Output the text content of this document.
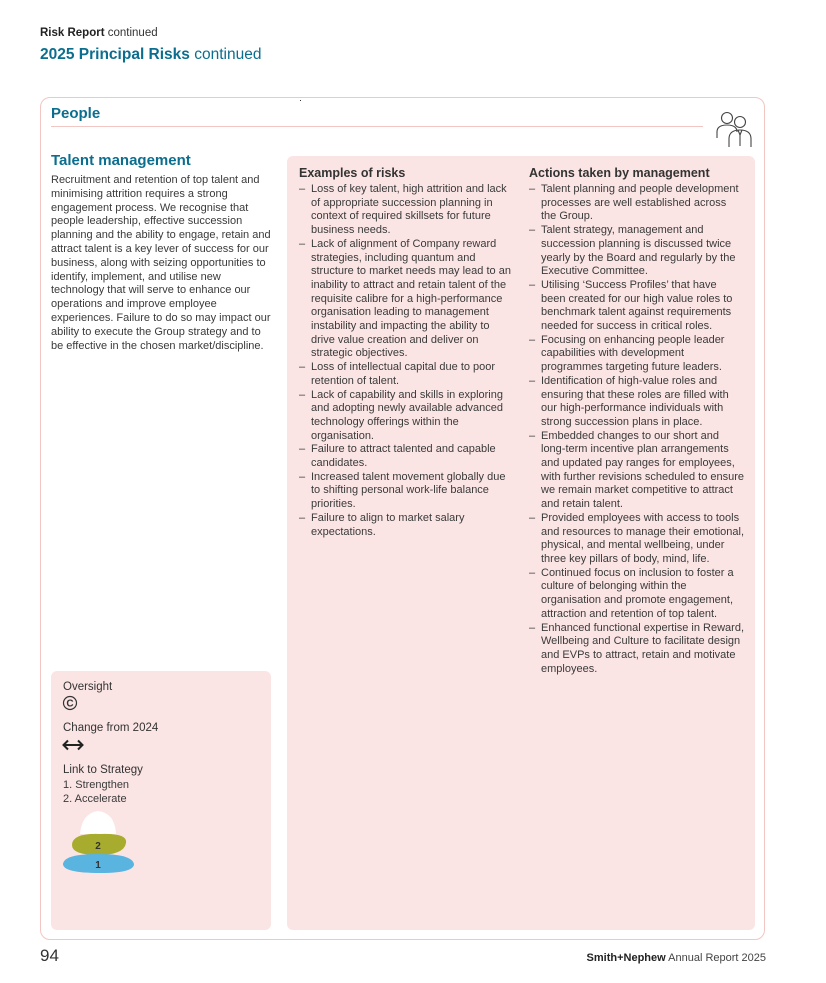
Risk Report continued
2025 Principal Risks continued
People
Talent management
Recruitment and retention of top talent and minimising attrition requires a strong engagement process. We recognise that people leadership, effective succession planning and the ability to engage, retain and attract talent is a key lever of success for our business, along with seizing opportunities to identify, implement, and utilise new technology that will serve to enhance our operations and improve employee experiences. Failure to do so may impact our ability to execute the Group strategy and to be effective in the chosen market/discipline.
Oversight
C
Change from 2024
Link to Strategy
1. Strengthen
2. Accelerate
2
1
Examples of risks
– Loss of key talent, high attrition and lack of appropriate succession planning in context of required skillsets for future business needs.
– Lack of alignment of Company reward strategies, including quantum and structure to market needs may lead to an inability to attract and retain talent of the requisite calibre for a high-performance organisation leading to management instability and impacting the ability to drive value creation and deliver on strategic objectives.
– Loss of intellectual capital due to poor retention of talent.
– Lack of capability and skills in exploring and adopting newly available advanced technology offerings within the organisation.
– Failure to attract talented and capable candidates.
– Increased talent movement globally due to shifting personal work-life balance priorities.
– Failure to align to market salary expectations.
Actions taken by management
– Talent planning and people development processes are well established across the Group.
– Talent strategy, management and succession planning is discussed twice yearly by the Board and regularly by the Executive Committee.
– Utilising ‘Success Profiles’ that have been created for our high value roles to benchmark talent against requirements needed for success in critical roles.
– Focusing on enhancing people leader capabilities with development programmes targeting future leaders.
– Identification of high-value roles and ensuring that these roles are filled with our high-performance individuals with strong succession plans in place.
– Embedded changes to our short and long-term incentive plan arrangements and updated pay ranges for employees, with further revisions scheduled to ensure we remain market competitive to attract and retain talent.
– Provided employees with access to tools and resources to manage their emotional, physical, and mental wellbeing, under three key pillars of body, mind, life.
– Continued focus on inclusion to foster a culture of belonging within the organisation and promote engagement, attraction and retention of top talent.
– Enhanced functional expertise in Reward, Wellbeing and Culture to facilitate design and EVPs to attract, retain and motivate employees.
94	Smith+Nephew Annual Report 2025
